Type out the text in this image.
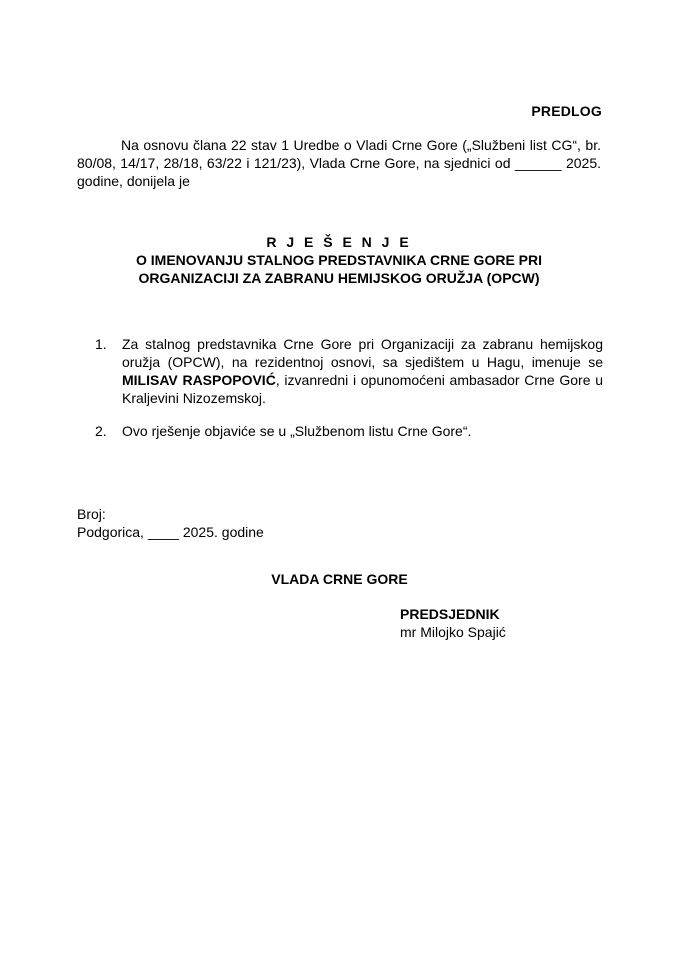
PREDLOG

Na osnovu člana 22 stav 1 Uredbe o Vladi Crne Gore („Službeni list CG“, br. 80/08, 14/17, 28/18, 63/22 i 121/23), Vlada Crne Gore, na sjednici od ______ 2025. godine, donijela je

R J E Š E N J E
O IMENOVANJU STALNOG PREDSTAVNIKA CRNE GORE PRI
ORGANIZACIJI ZA ZABRANU HEMIJSKOG ORUŽJA (OPCW)
1. Za stalnog predstavnika Crne Gore pri Organizaciji za zabranu hemijskog oružja (OPCW), na rezidentnoj osnovi, sa sjedištem u Hagu, imenuje se MILISAV RASPOPOVIĆ, izvanredni i opunomoćeni ambasador Crne Gore u Kraljevini Nizozemskoj.
2. Ovo rješenje objaviće se u „Službenom listu Crne Gore“.
Broj:
Podgorica, ____ 2025. godine
VLADA CRNE GORE
PREDSJEDNIK
mr Milojko Spajić
